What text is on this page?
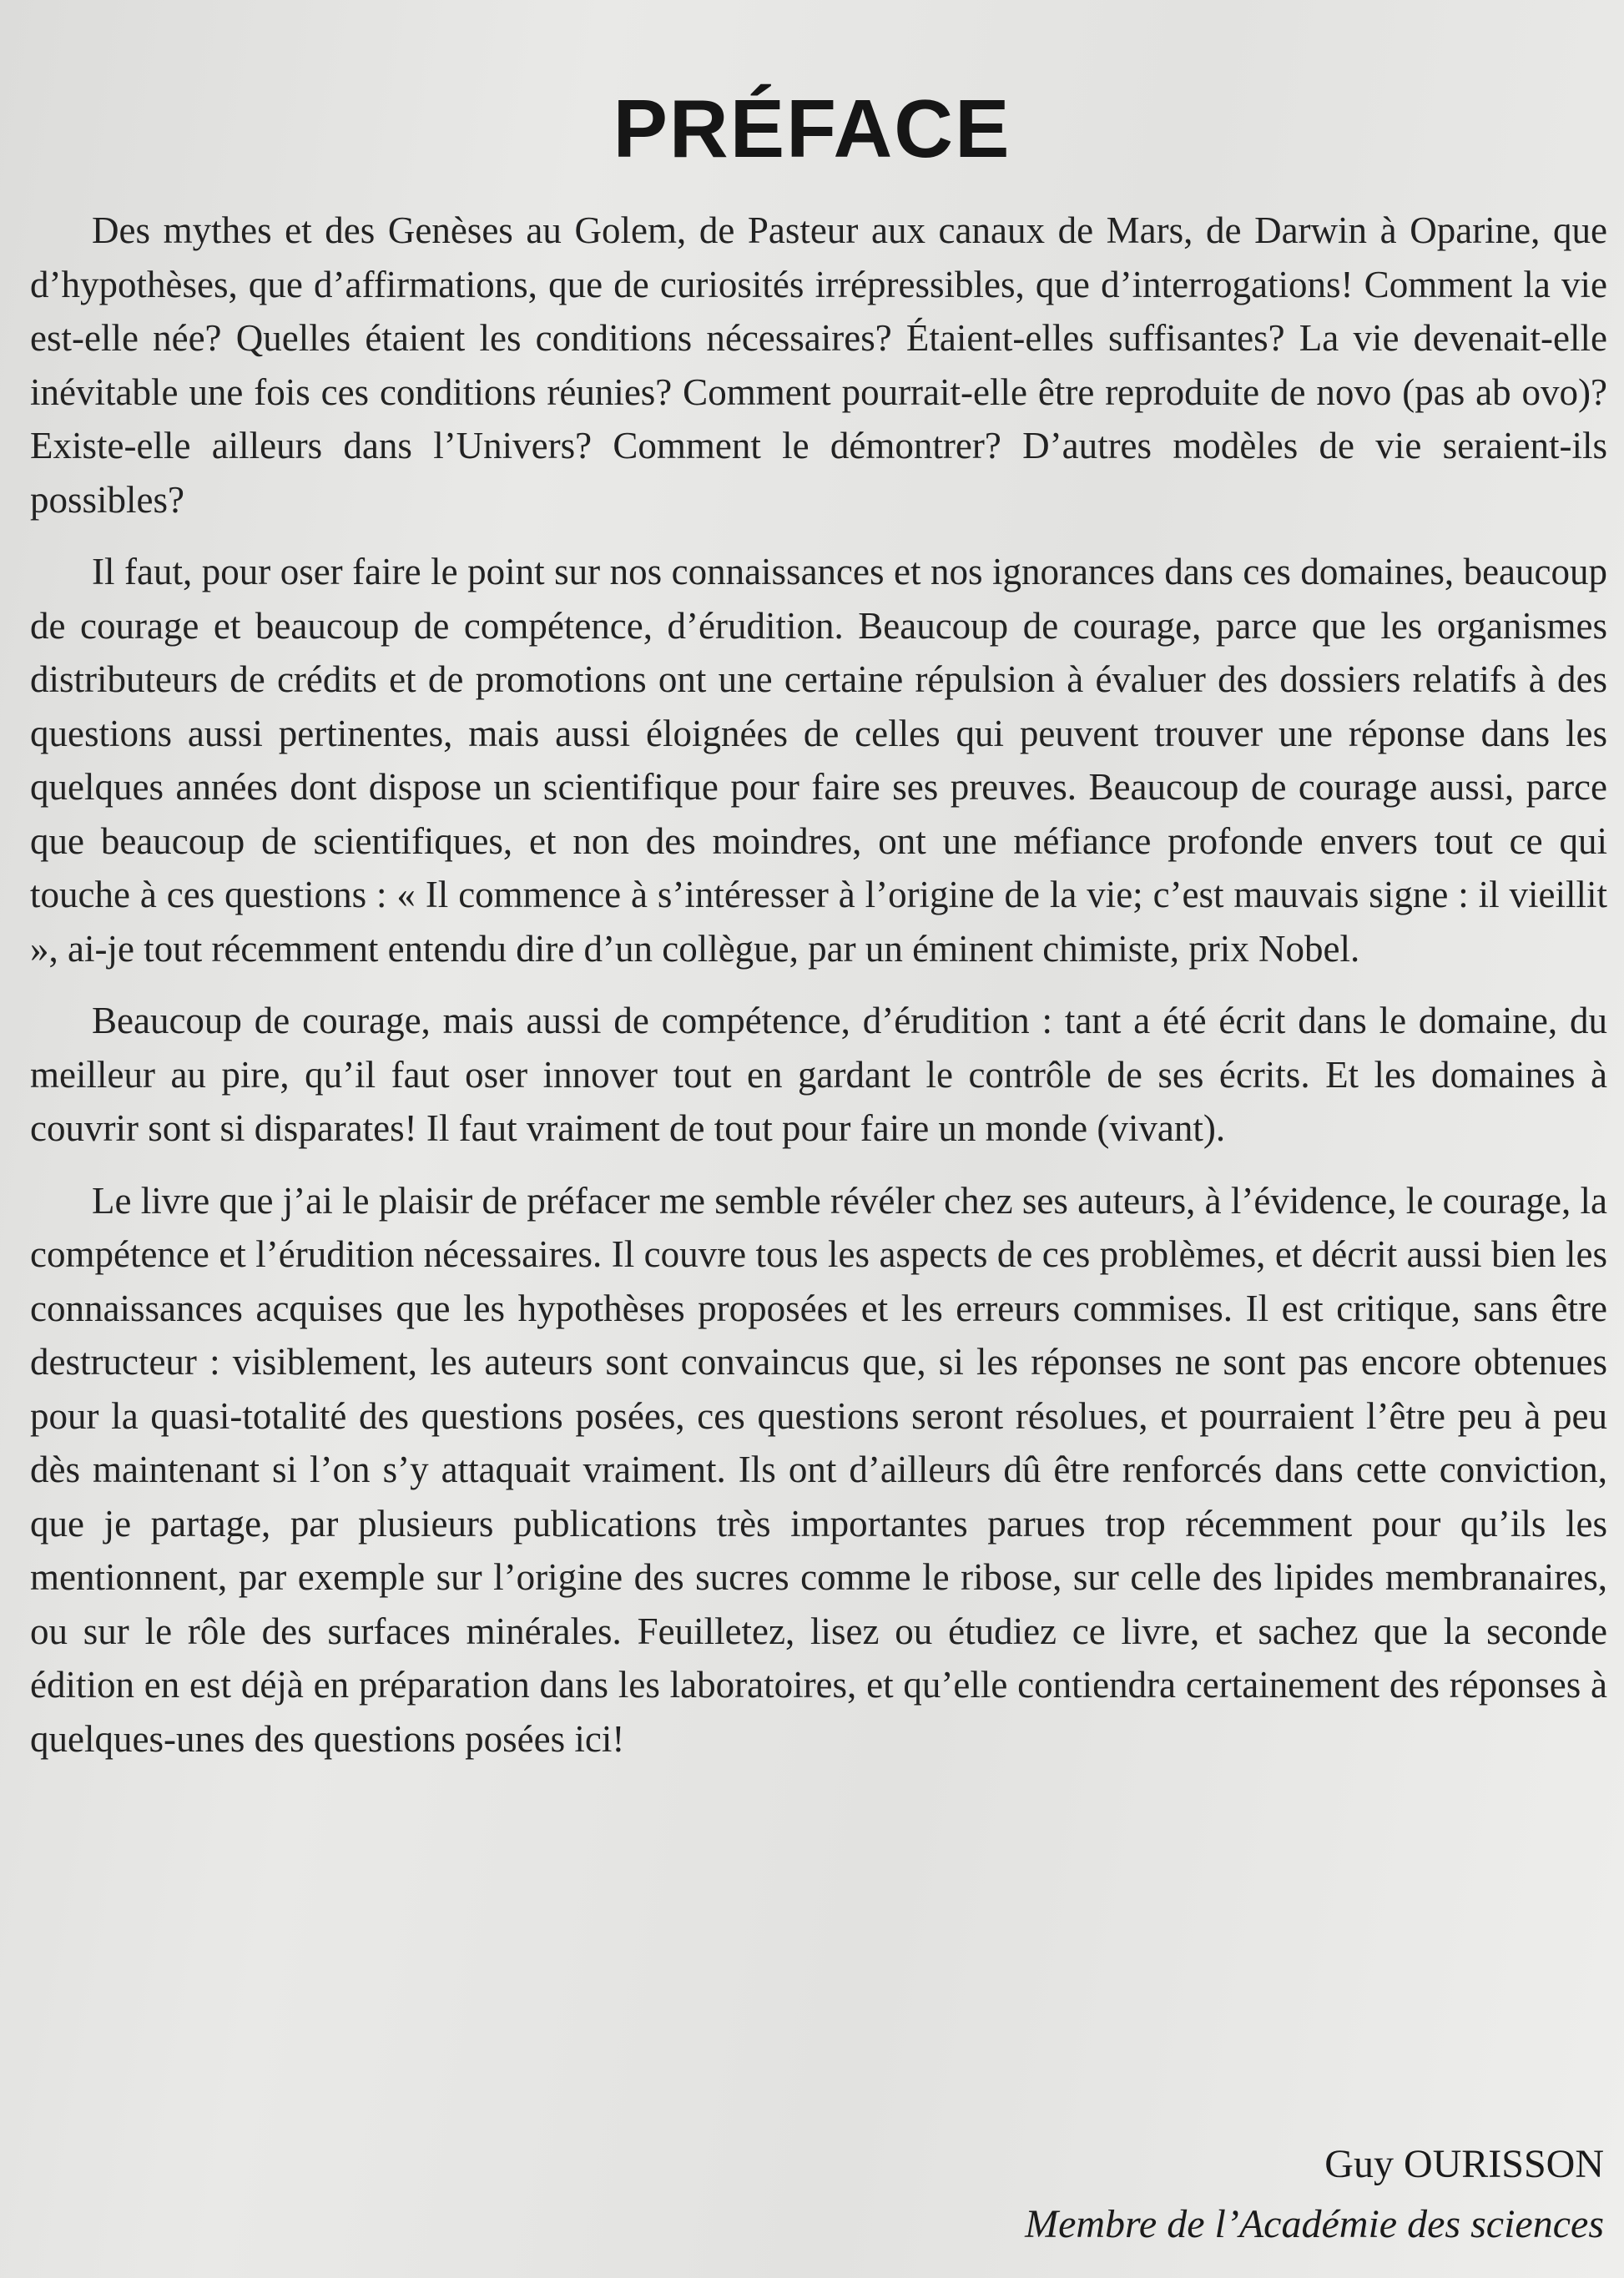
PRÉFACE

Des mythes et des Genèses au Golem, de Pasteur aux canaux de Mars, de Darwin à Oparine, que d’hypothèses, que d’affirmations, que de curiosités irrépressibles, que d’interrogations! Comment la vie est-elle née? Quelles étaient les conditions nécessaires? Étaient-elles suffisantes? La vie devenait-elle inévitable une fois ces conditions réunies? Comment pourrait-elle être reproduite de novo (pas ab ovo)? Existe-elle ailleurs dans l’Univers? Comment le démontrer? D’autres modèles de vie seraient-ils possibles?

Il faut, pour oser faire le point sur nos connaissances et nos ignorances dans ces domaines, beaucoup de courage et beaucoup de compétence, d’érudition. Beaucoup de courage, parce que les organismes distributeurs de crédits et de promotions ont une certaine répulsion à évaluer des dossiers relatifs à des questions aussi pertinentes, mais aussi éloignées de celles qui peuvent trouver une réponse dans les quelques années dont dispose un scientifique pour faire ses preuves. Beaucoup de courage aussi, parce que beaucoup de scientifiques, et non des moindres, ont une méfiance profonde envers tout ce qui touche à ces questions : « Il commence à s’intéresser à l’origine de la vie; c’est mauvais signe : il vieillit », ai-je tout récemment entendu dire d’un collègue, par un éminent chimiste, prix Nobel.

Beaucoup de courage, mais aussi de compétence, d’érudition : tant a été écrit dans le domaine, du meilleur au pire, qu’il faut oser innover tout en gardant le contrôle de ses écrits. Et les domaines à couvrir sont si disparates! Il faut vraiment de tout pour faire un monde (vivant).

Le livre que j’ai le plaisir de préfacer me semble révéler chez ses auteurs, à l’évidence, le courage, la compétence et l’érudition nécessaires. Il couvre tous les aspects de ces problèmes, et décrit aussi bien les connaissances acquises que les hypothèses proposées et les erreurs commises. Il est critique, sans être destructeur : visiblement, les auteurs sont convaincus que, si les réponses ne sont pas encore obtenues pour la quasi-totalité des questions posées, ces questions seront résolues, et pourraient l’être peu à peu dès maintenant si l’on s’y attaquait vraiment. Ils ont d’ailleurs dû être renforcés dans cette conviction, que je partage, par plusieurs publications très importantes parues trop récemment pour qu’ils les mentionnent, par exemple sur l’origine des sucres comme le ribose, sur celle des lipides membranaires, ou sur le rôle des surfaces minérales. Feuilletez, lisez ou étudiez ce livre, et sachez que la seconde édition en est déjà en préparation dans les laboratoires, et qu’elle contiendra certainement des réponses à quelques-unes des questions posées ici!

Guy OURISSON
Membre de l’Académie des sciences
